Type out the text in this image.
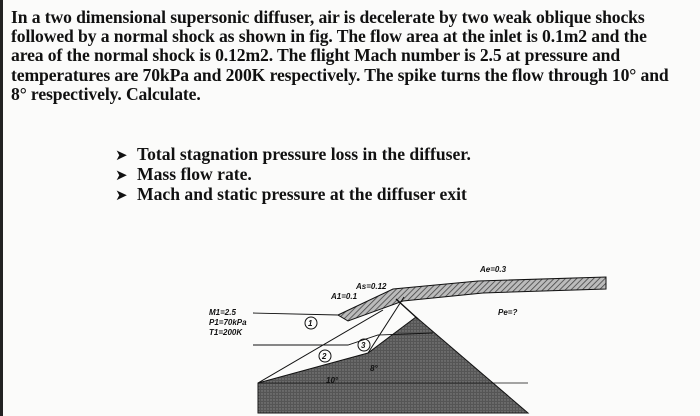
In a two dimensional supersonic diffuser, air is decelerate by two weak oblique shocks
followed by a normal shock as shown in fig. The flow area at the inlet is 0.1m2 and the
area of the normal shock is 0.12m2. The flight Mach number is 2.5 at pressure and
temperatures are 70kPa and 200K respectively. The spike turns the flow through 10° and
8° respectively. Calculate.
➤ Total stagnation pressure loss in the diffuser.
➤ Mass flow rate.
➤ Mach and static pressure at the diffuser exit
1
2
3
M1=2.5
P1=70kPa
T1=200K
A1=0.1
As=0.12
Ae=0.3
Pe=?
10°
8°
